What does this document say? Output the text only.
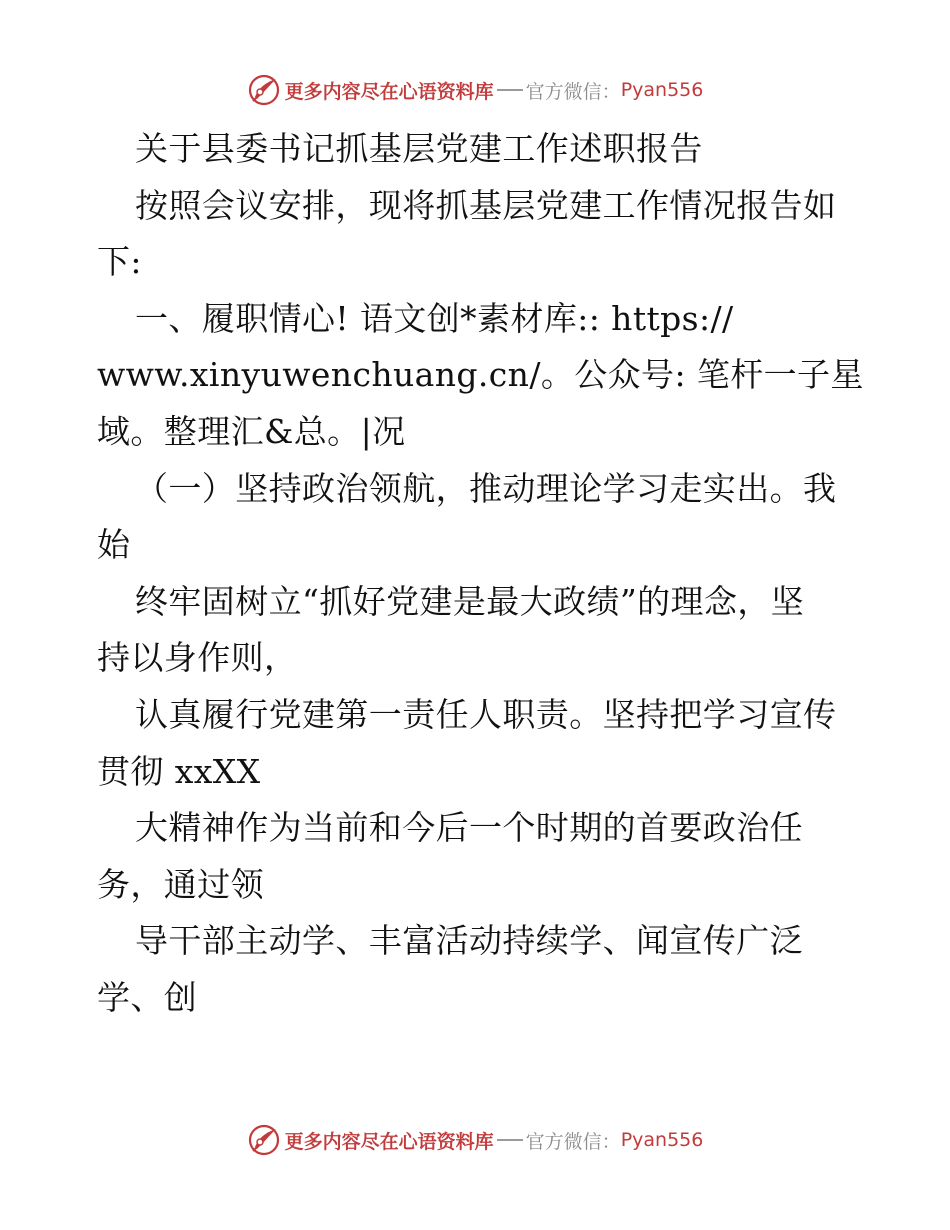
更多内容尽在心语资料库 官方微信： Pyan556
关于县委书记抓基层党建工作述职报告
按照会议安排，现将抓基层党建工作情况报告如
下:
一、履职情心! 语文创*素材库:: https://
www.xinyuwenchuang.cn/。公众号: 笔杆一子星
域。整理汇&总。|况
（一）坚持政治领航，推动理论学习走实出。我
始
终牢固树立“抓好党建是最大政绩”的理念，坚
持以身作则，
认真履行党建第一责任人职责。坚持把学习宣传
贯彻 xxXX
大精神作为当前和今后一个时期的首要政治任
务，通过领
导干部主动学、丰富活动持续学、闻宣传广泛
学、创
更多内容尽在心语资料库 官方微信： Pyan556
